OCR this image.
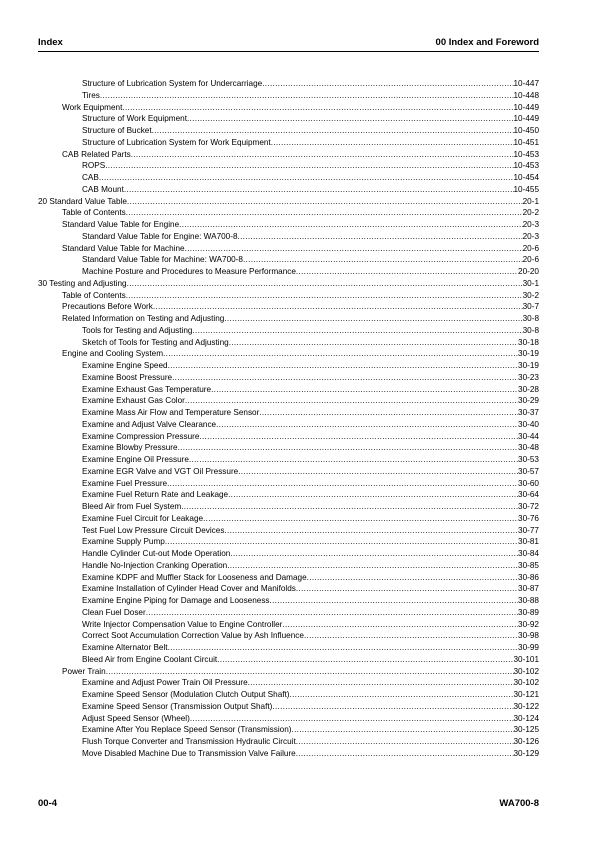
Index	00 Index and Foreword
Structure of Lubrication System for Undercarriage .....	10-447
Tires .....	10-448
Work Equipment .....	10-449
Structure of Work Equipment .....	10-449
Structure of Bucket .....	10-450
Structure of Lubrication System for Work Equipment .....	10-451
CAB Related Parts .....	10-453
ROPS .....	10-453
CAB .....	10-454
CAB Mount .....	10-455
20 Standard Value Table .....	20-1
Table of Contents .....	20-2
Standard Value Table for Engine .....	20-3
Standard Value Table for Engine: WA700-8 .....	20-3
Standard Value Table for Machine .....	20-6
Standard Value Table for Machine: WA700-8 .....	20-6
Machine Posture and Procedures to Measure Performance .....	20-20
30 Testing and Adjusting .....	30-1
Table of Contents .....	30-2
Precautions Before Work .....	30-7
Related Information on Testing and Adjusting .....	30-8
Tools for Testing and Adjusting .....	30-8
Sketch of Tools for Testing and Adjusting .....	30-18
Engine and Cooling System .....	30-19
Examine Engine Speed .....	30-19
Examine Boost Pressure .....	30-23
Examine Exhaust Gas Temperature .....	30-28
Examine Exhaust Gas Color .....	30-29
Examine Mass Air Flow and Temperature Sensor .....	30-37
Examine and Adjust Valve Clearance .....	30-40
Examine Compression Pressure .....	30-44
Examine Blowby Pressure .....	30-48
Examine Engine Oil Pressure .....	30-53
Examine EGR Valve and VGT Oil Pressure .....	30-57
Examine Fuel Pressure .....	30-60
Examine Fuel Return Rate and Leakage .....	30-64
Bleed Air from Fuel System .....	30-72
Examine Fuel Circuit for Leakage .....	30-76
Test Fuel Low Pressure Circuit Devices .....	30-77
Examine Supply Pump .....	30-81
Handle Cylinder Cut-out Mode Operation .....	30-84
Handle No-Injection Cranking Operation .....	30-85
Examine KDPF and Muffler Stack for Looseness and Damage .....	30-86
Examine Installation of Cylinder Head Cover and Manifolds .....	30-87
Examine Engine Piping for Damage and Looseness .....	30-88
Clean Fuel Doser .....	30-89
Write Injector Compensation Value to Engine Controller .....	30-92
Correct Soot Accumulation Correction Value by Ash Influence .....	30-98
Examine Alternator Belt .....	30-99
Bleed Air from Engine Coolant Circuit .....	30-101
Power Train .....	30-102
Examine and Adjust Power Train Oil Pressure .....	30-102
Examine Speed Sensor (Modulation Clutch Output Shaft) .....	30-121
Examine Speed Sensor (Transmission Output Shaft) .....	30-122
Adjust Speed Sensor (Wheel) .....	30-124
Examine After You Replace Speed Sensor (Transmission) .....	30-125
Flush Torque Converter and Transmission Hydraulic Circuit .....	30-126
Move Disabled Machine Due to Transmission Valve Failure .....	30-129
00-4	WA700-8
